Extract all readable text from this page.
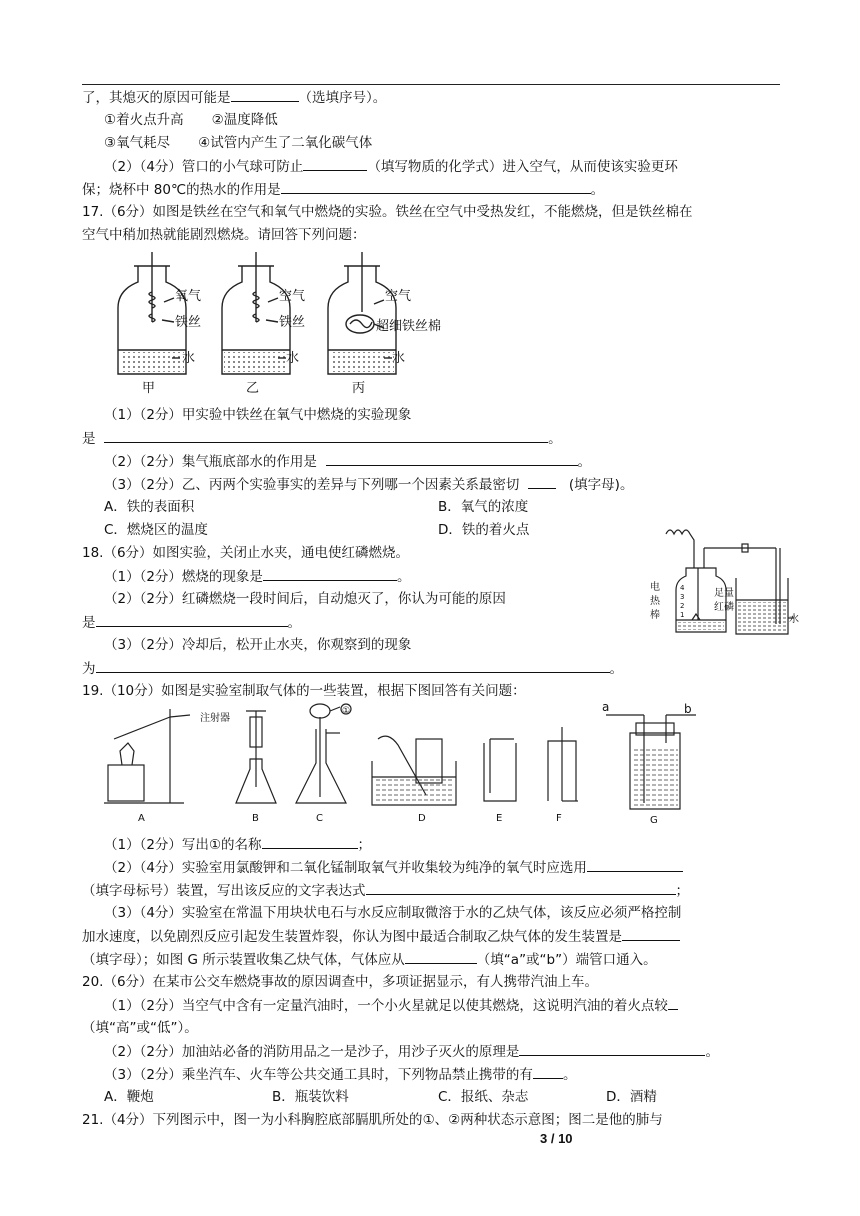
了，其熄灭的原因可能是	（选填序号）。
①着火点升高 ②温度降低
③氧气耗尽 ④试管内产生了二氧化碳气体
（2）（4分）管口的小气球可防止	（填写物质的化学式）进入空气，从而使该实验更环
保；烧杯中 80℃的热水的作用是	。
17.（6分）如图是铁丝在空气和氧气中燃烧的实验。铁丝在空气中受热发红，不能燃烧，但是铁丝棉在
空气中稍加热就能剧烈燃烧。请回答下列问题：
氧气
铁丝
水
甲
空气
铁丝
水
乙
空气
超细铁丝棉
水
丙
（1）（2分）甲实验中铁丝在氧气中燃烧的实验现象
是	。
（2）（2分）集气瓶底部水的作用是	。
（3）（2分）乙、丙两个实验事实的差异与下列哪一个因素关系最密切	(填字母)。
A．铁的表面积	B．氧气的浓度
C．燃烧区的温度	D．铁的着火点
18.（6分）如图实验，关闭止水夹，通电使红磷燃烧。
（1）（2分）燃烧的现象是	。
（2）（2分）红磷燃烧一段时间后，自动熄灭了，你认为可能的原因
是	。
（3）（2分）冷却后，松开止水夹，你观察到的现象
为	。
电
热
棒
4
3
2
1
足量
红磷
水
19.（10分）如图是实验室制取气体的一些装置，根据下图回答有关问题：
注射器
①
A	B	C	D	E	F	G
a	b
（1）（2分）写出①的名称	；
（2）（4分）实验室用氯酸钾和二氧化锰制取氧气并收集较为纯净的氧气时应选用
（填字母标号）装置，写出该反应的文字表达式	；
（3）（4分）实验室在常温下用块状电石与水反应制取微溶于水的乙炔气体，该反应必须严格控制
加水速度，以免剧烈反应引起发生装置炸裂，你认为图中最适合制取乙炔气体的发生装置是
（填字母）；如图 G 所示装置收集乙炔气体，气体应从	（填“a”或“b”）端管口通入。
20.（6分）在某市公交车燃烧事故的原因调查中，多项证据显示，有人携带汽油上车。
（1）（2分）当空气中含有一定量汽油时，一个小火星就足以使其燃烧，这说明汽油的着火点较
（填“高”或“低”）。
（2）（2分）加油站必备的消防用品之一是沙子，用沙子灭火的原理是	。
（3）（2分）乘坐汽车、火车等公共交通工具时，下列物品禁止携带的有 。
A．鞭炮	B．瓶装饮料	C．报纸、杂志	D．酒精
21.（4分）下列图示中，图一为小科胸腔底部膈肌所处的①、②两种状态示意图；图二是他的肺与
3 / 10
